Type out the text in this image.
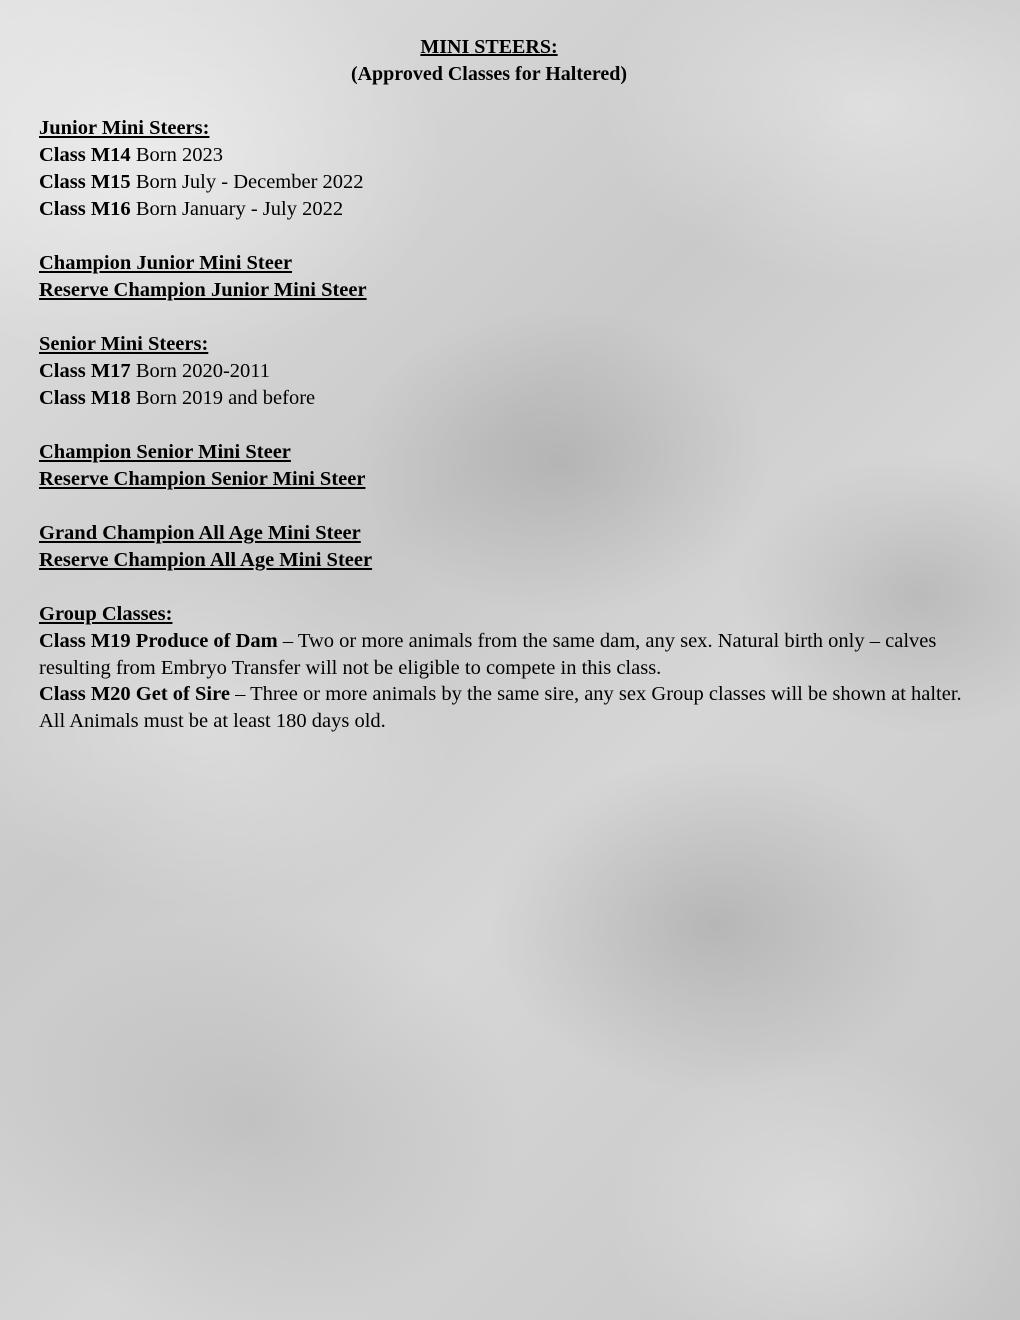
MINI STEERS:
(Approved Classes for Haltered)
Junior Mini Steers:
Class M14 Born 2023
Class M15 Born July - December 2022
Class M16 Born January - July 2022
Champion Junior Mini Steer
Reserve Champion Junior Mini Steer
Senior Mini Steers:
Class M17 Born 2020-2011
Class M18 Born 2019 and before
Champion Senior Mini Steer
Reserve Champion Senior Mini Steer
Grand Champion All Age Mini Steer
Reserve Champion All Age Mini Steer
Group Classes:
Class M19 Produce of Dam – Two or more animals from the same dam, any sex. Natural birth only – calves resulting from Embryo Transfer will not be eligible to compete in this class.
Class M20 Get of Sire – Three or more animals by the same sire, any sex Group classes will be shown at halter. All Animals must be at least 180 days old.
